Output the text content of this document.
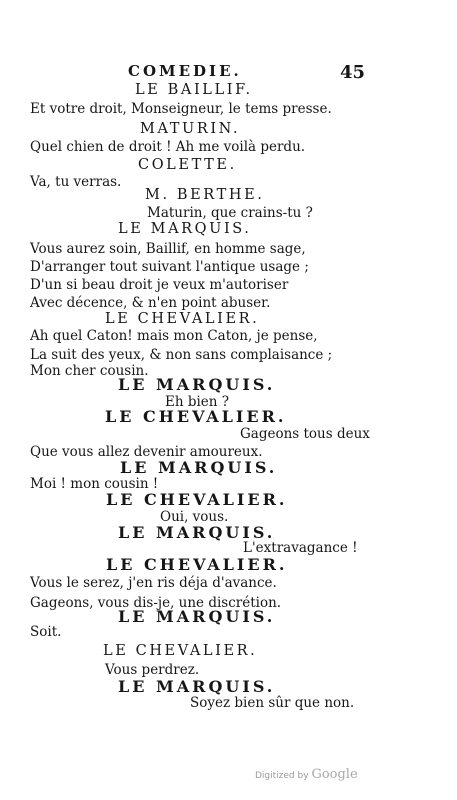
COMEDIE.	45
LE BAILLIF.
Et votre droit, Monseigneur, le tems presse.
MATURIN.
Quel chien de droit ! Ah me voilà perdu.
COLETTE.
Va, tu verras.
M. BERTHE.
Maturin, que crains-tu ?
LE MARQUIS.
Vous aurez soin, Baillif, en homme sage,
D'arranger tout suivant l'antique usage ;
D'un si beau droit je veux m'autoriser
Avec décence, & n'en point abuser.
LE CHEVALIER.
Ah quel Caton! mais mon Caton, je pense,
La suit des yeux, & non sans complaisance ;
Mon cher cousin.
LE MARQUIS.
Eh bien ?
LE CHEVALIER.
Gageons tous deux
Que vous allez devenir amoureux.
LE MARQUIS.
Moi ! mon cousin !
LE CHEVALIER.
Oui, vous.
LE MARQUIS.
L'extravagance !
LE CHEVALIER.
Vous le serez, j'en ris déja d'avance.
Gageons, vous dis-je, une discrétion.
LE MARQUIS.
Soit.
LE CHEVALIER.
Vous perdrez.
LE MARQUIS.
Soyez bien sûr que non.
Digitized by Google
